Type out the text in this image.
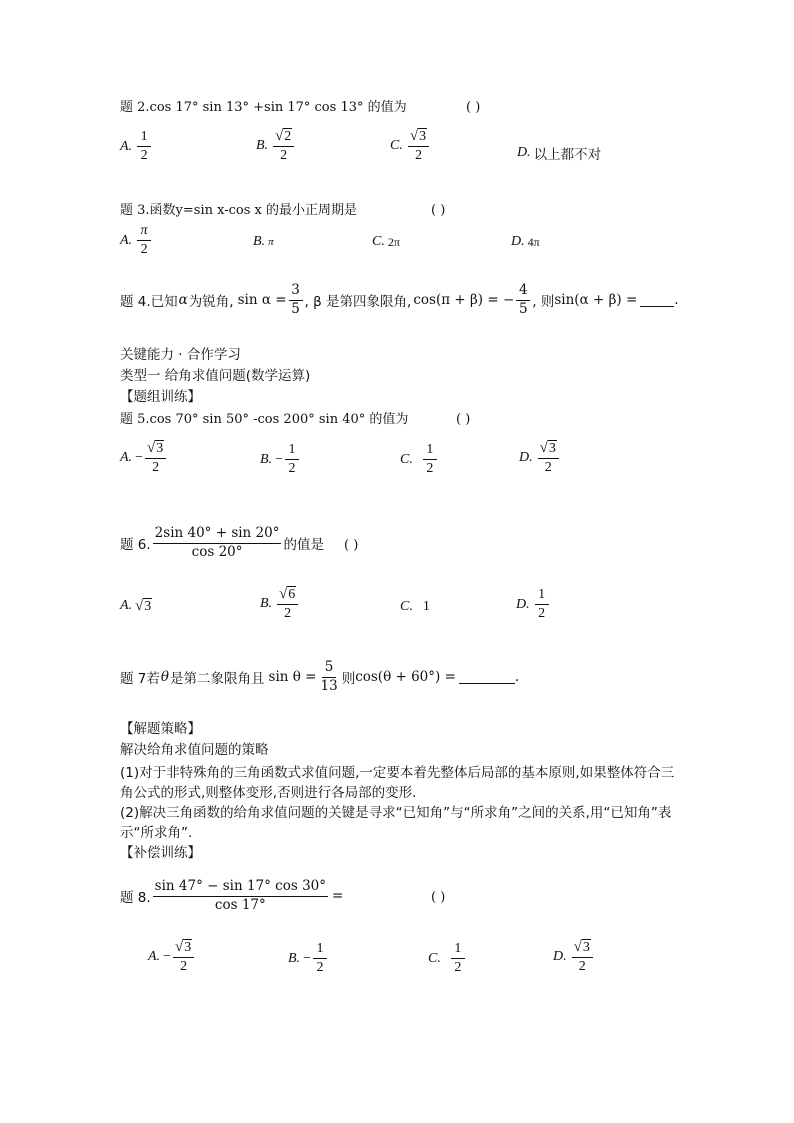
题 2.cos 17° sin 13° +sin 17° cos 13° 的值为	( )
A. $\frac{1}{2}$	B. $\frac{√ 2}{2}$	C. $\frac{√ 3}{2}$	D. 以上都不对
题 3.函数y=sin x-cos x 的最小正周期是	( )
A. $\frac{\pi}{2}$	B. π	C. 2π	D. 4π
题 4.已知 α 为锐角, $\sin \alpha = \frac{3}{5}$ , β 是第四象限角, cos(π + β) = − $\frac{4}{5}$ , 则 sin(α + β) =	.
关键能力 · 合作学习
类型一 给角求值问题(数学运算)
【题组训练】
题 5.cos 70° sin 50° -cos 200° sin 40° 的值为	( )
A. − $\frac{√ 3}{2}$	B. − $\frac{1}{2}$	C. $\frac{1}{2}$	D. $\frac{√ 3}{2}$
题 6. $\frac{2\sin 40^\circ + \sin 20^\circ}{\cos 20^\circ}$ 的值是 ( )
A. √ 3	B. $\frac{√ 6}{2}$	C. 1	D. $\frac{1}{2}$
题 7若 θ 是第二象限角且 $\sin \theta = \frac{5}{13}$ 则 cos(θ + 60°) =	.
【解题策略】
解决给角求值问题的策略
(1)对于非特殊角的三角函数式求值问题,一定要本着先整体后局部的基本原则,如果整体符合三角公式的形式,则整体变形,否则进行各局部的变形.
(2)解决三角函数的给角求值问题的关键是寻求“已知角”与“所求角”之间的关系,用“已知角”表示“所求角”.
【补偿训练】
题 8. $\frac{\sin 47^\circ - \sin 17^\circ \cos 30^\circ}{\cos 17^\circ}$ =	( )
A. − $\frac{√ 3}{2}$	B. − $\frac{1}{2}$	C. $\frac{1}{2}$	D. $\frac{√ 3}{2}$
